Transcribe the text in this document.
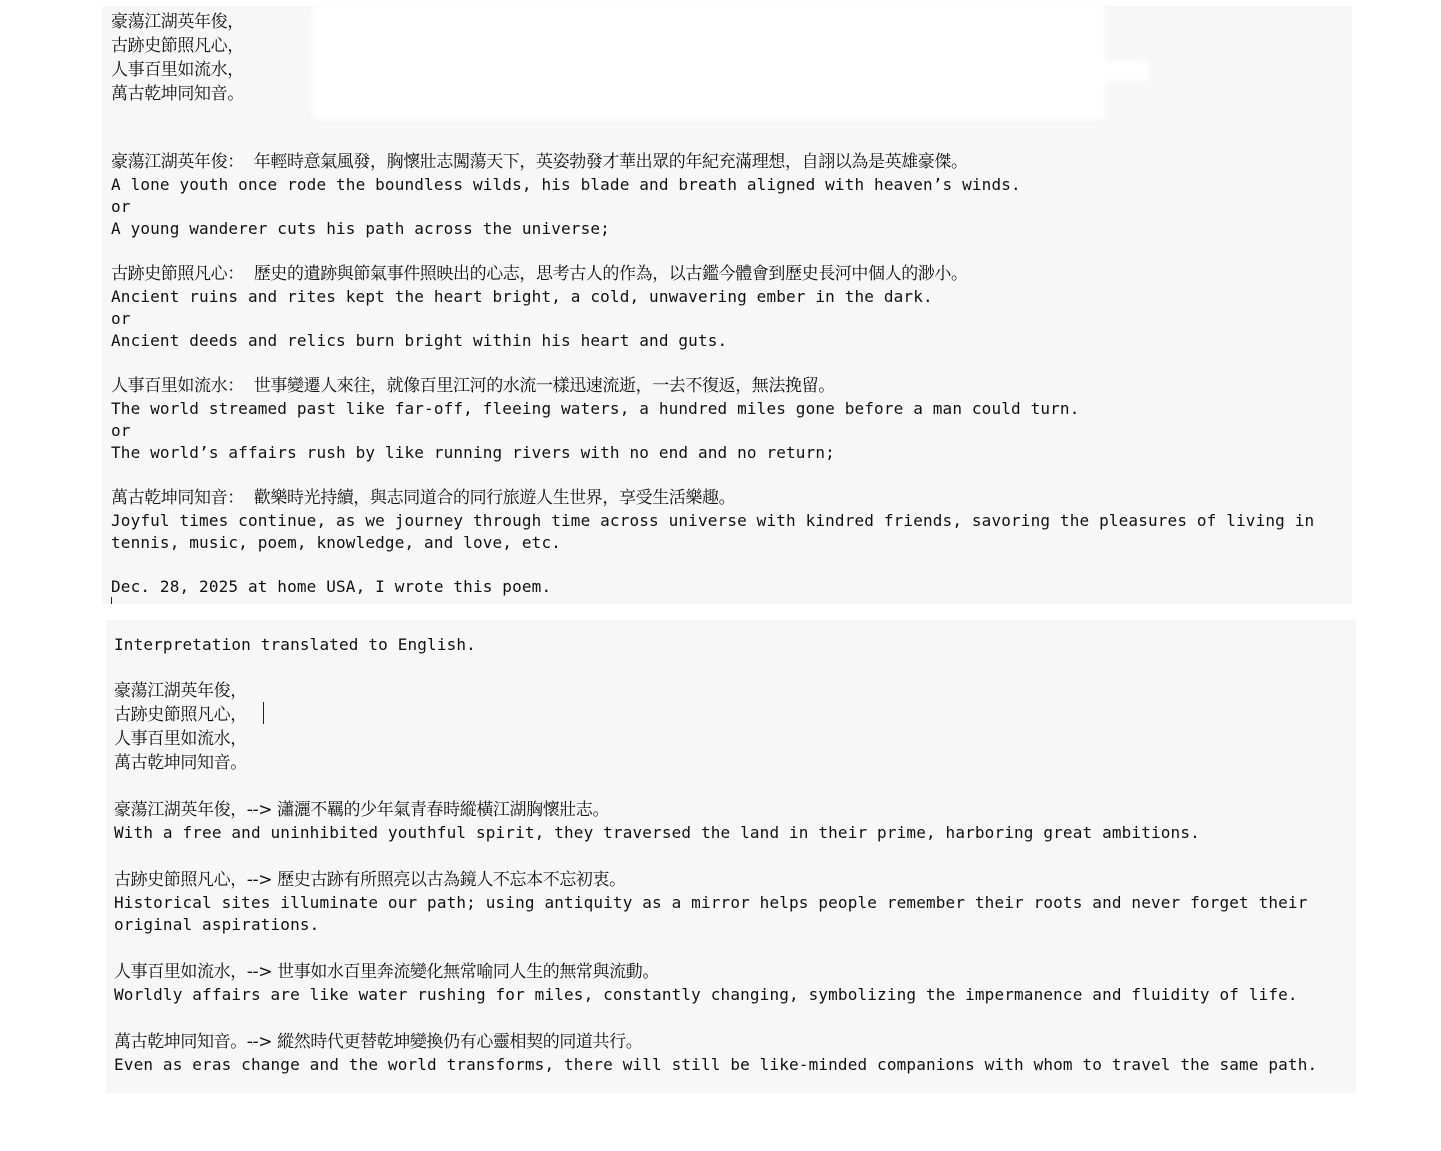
豪蕩江湖英年俊，
古跡史節照凡心，
人事百里如流水，
萬古乾坤同知音。
豪蕩江湖英年俊：  年輕時意氣風發，胸懷壯志闖蕩天下，英姿勃發才華出眾的年紀充滿理想，自詡以為是英雄豪傑。
A lone youth once rode the boundless wilds, his blade and breath aligned with heaven’s winds.
or
A young wanderer cuts his path across the universe;
古跡史節照凡心：  歷史的遺跡與節氣事件照映出的心志，思考古人的作為，以古鑑今體會到歷史長河中個人的渺小。
Ancient ruins and rites kept the heart bright, a cold, unwavering ember in the dark.
or
Ancient deeds and relics burn bright within his heart and guts.
人事百里如流水：  世事變遷人來往，就像百里江河的水流一樣迅速流逝，一去不復返，無法挽留。
The world streamed past like far-off, fleeing waters, a hundred miles gone before a man could turn.
or
The world’s affairs rush by like running rivers with no end and no return;
萬古乾坤同知音：  歡樂時光持續，與志同道合的同行旅遊人生世界，享受生活樂趣。
Joyful times continue, as we journey through time across universe with kindred friends, savoring the pleasures of living in
tennis, music, poem, knowledge, and love, etc.
Dec. 28, 2025 at home USA, I wrote this poem.
Interpretation translated to English.
豪蕩江湖英年俊，
古跡史節照凡心，
人事百里如流水，
萬古乾坤同知音。
豪蕩江湖英年俊，--> 瀟灑不羈的少年氣青春時縱橫江湖胸懷壯志。
With a free and uninhibited youthful spirit, they traversed the land in their prime, harboring great ambitions.
古跡史節照凡心，--> 歷史古跡有所照亮以古為鏡人不忘本不忘初衷。
Historical sites illuminate our path; using antiquity as a mirror helps people remember their roots and never forget their
original aspirations.
人事百里如流水，--> 世事如水百里奔流變化無常喻同人生的無常與流動。
Worldly affairs are like water rushing for miles, constantly changing, symbolizing the impermanence and fluidity of life.
萬古乾坤同知音。--> 縱然時代更替乾坤變換仍有心靈相契的同道共行。
Even as eras change and the world transforms, there will still be like-minded companions with whom to travel the same path.
